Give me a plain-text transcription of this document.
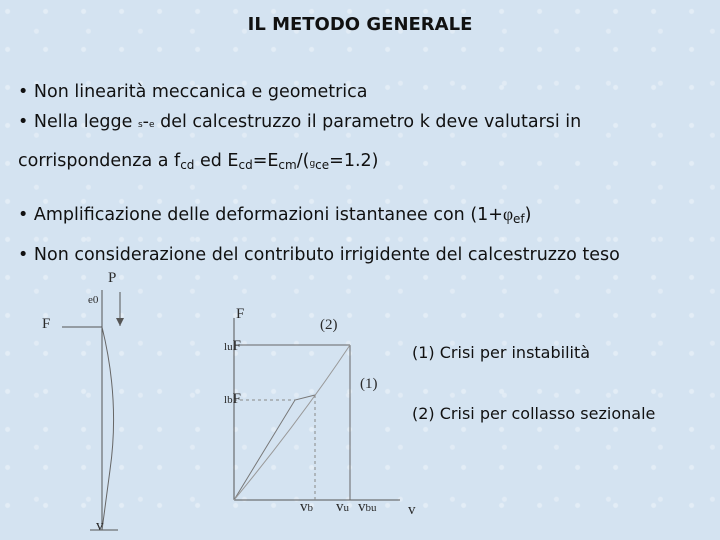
IL METODO GENERALE
• Non linearità meccanica e geometrica
• Nella legge s-e del calcestruzzo il parametro k deve valutarsi in
corrispondenza a $f_{cd}$ ed $E_{cd}=E_{cm}/(g_{ce}=1.2)$
• Amplificazione delle deformazioni istantanee con $(1+\varphi_{ef})$
• Non considerazione del contributo irrigidente del calcestruzzo teso
P
e0
F
F
(2)
(1)
luF
lbF
vb vu vbu v
v
(1) Crisi per instabilità
(2) Crisi per collasso sezionale
